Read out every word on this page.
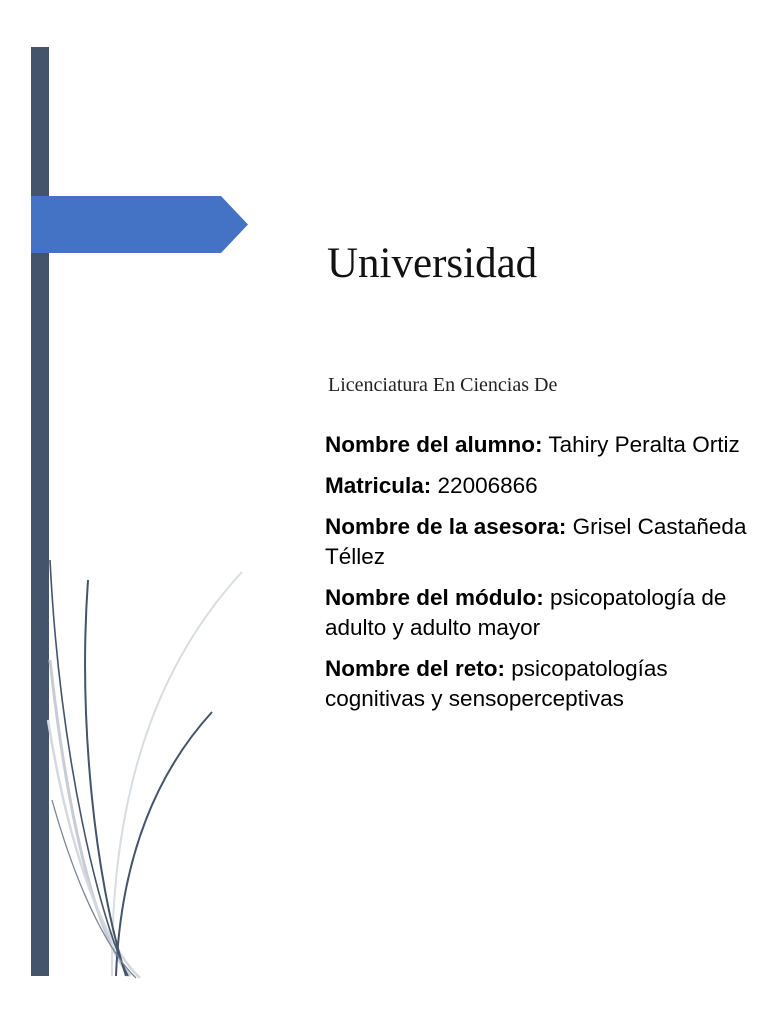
Universidad
Licenciatura En Ciencias De

Nombre del alumno: Tahiry Peralta Ortiz

Matricula: 22006866

Nombre de la asesora: Grisel Castañeda Téllez

Nombre del módulo: psicopatología de adulto y adulto mayor

Nombre del reto: psicopatologías cognitivas y sensoperceptivas
